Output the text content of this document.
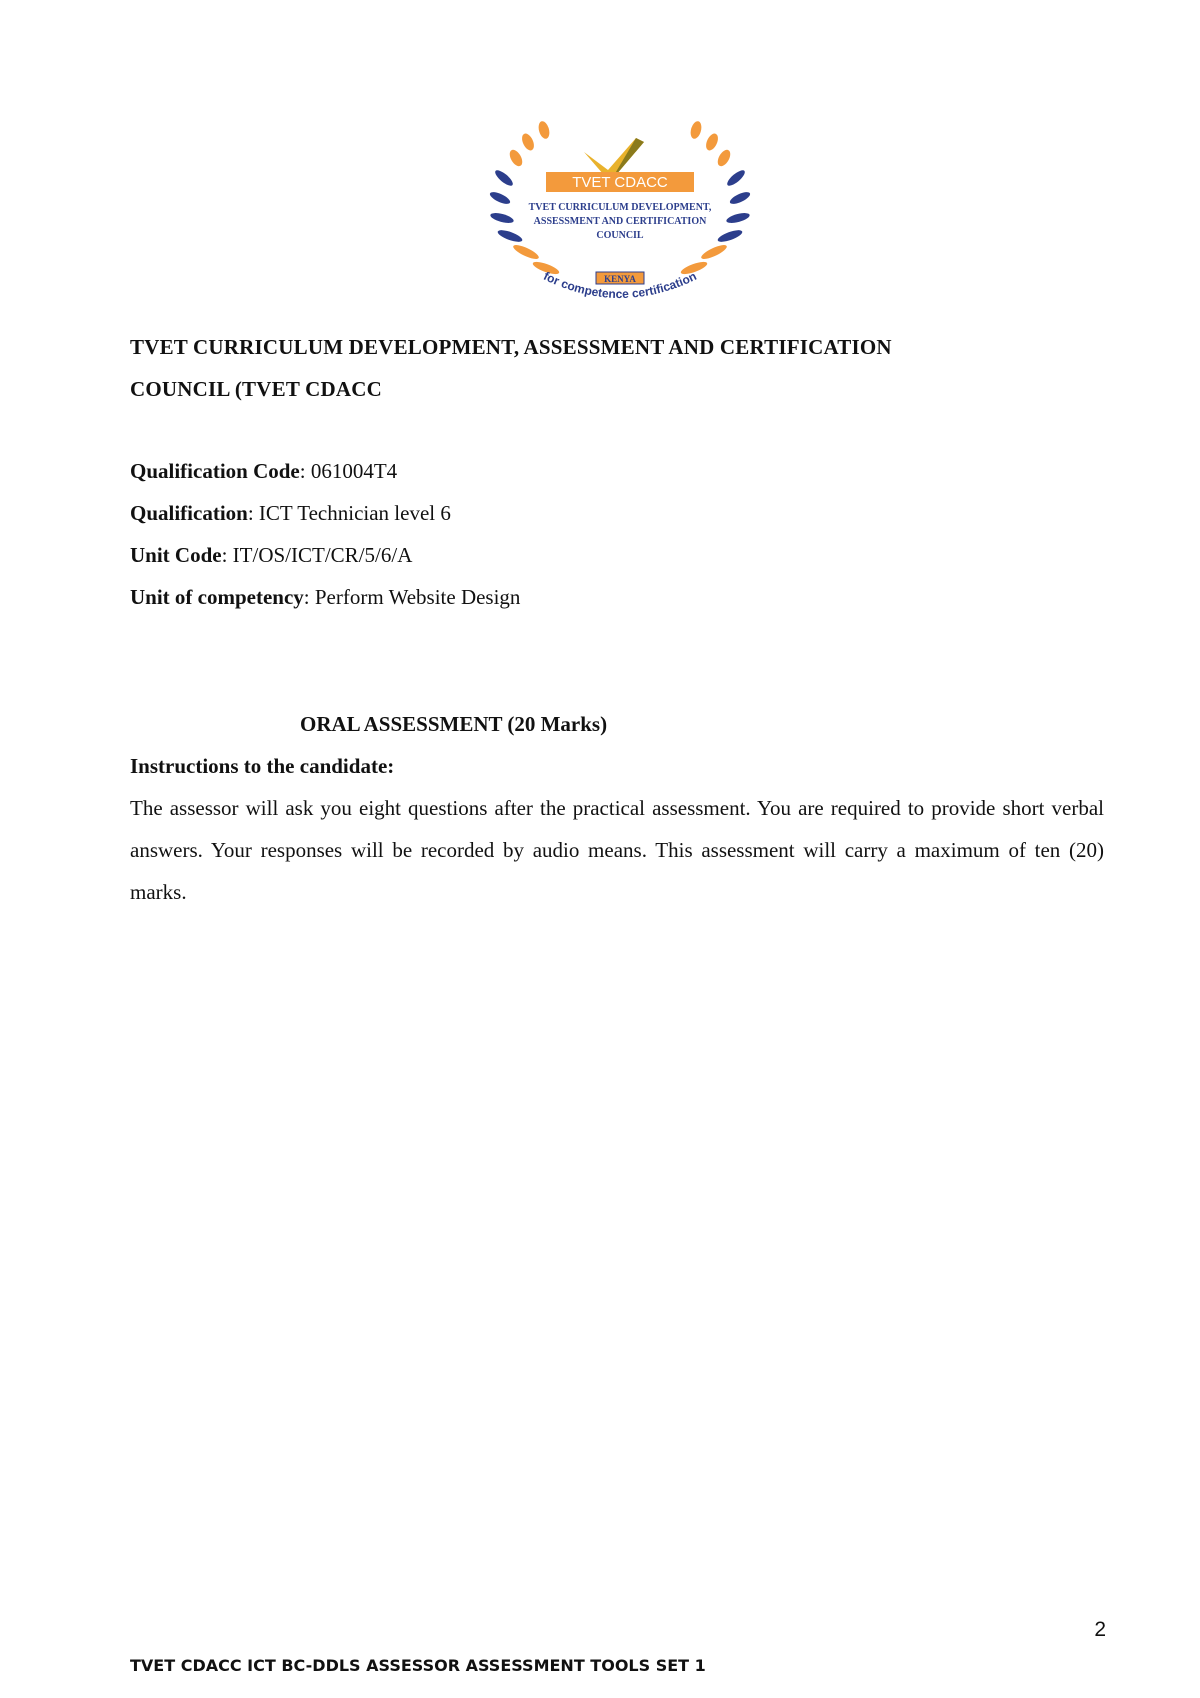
TVET CDACC
TVET CURRICULUM DEVELOPMENT,
ASSESSMENT AND CERTIFICATION
COUNCIL
KENYA
for competence certification
TVET CURRICULUM DEVELOPMENT, ASSESSMENT AND CERTIFICATION
COUNCIL (TVET CDACC
Qualification Code: 061004T4
Qualification: ICT Technician level 6
Unit Code: IT/OS/ICT/CR/5/6/A
Unit of competency: Perform Website Design
ORAL ASSESSMENT (20 Marks)
Instructions to the candidate:
The assessor will ask you eight questions after the practical assessment. You are required to provide short verbal answers. Your responses will be recorded by audio means. This assessment will carry a maximum of ten (20) marks.
2
TVET CDACC ICT BC-DDLS ASSESSOR ASSESSMENT TOOLS SET 1
